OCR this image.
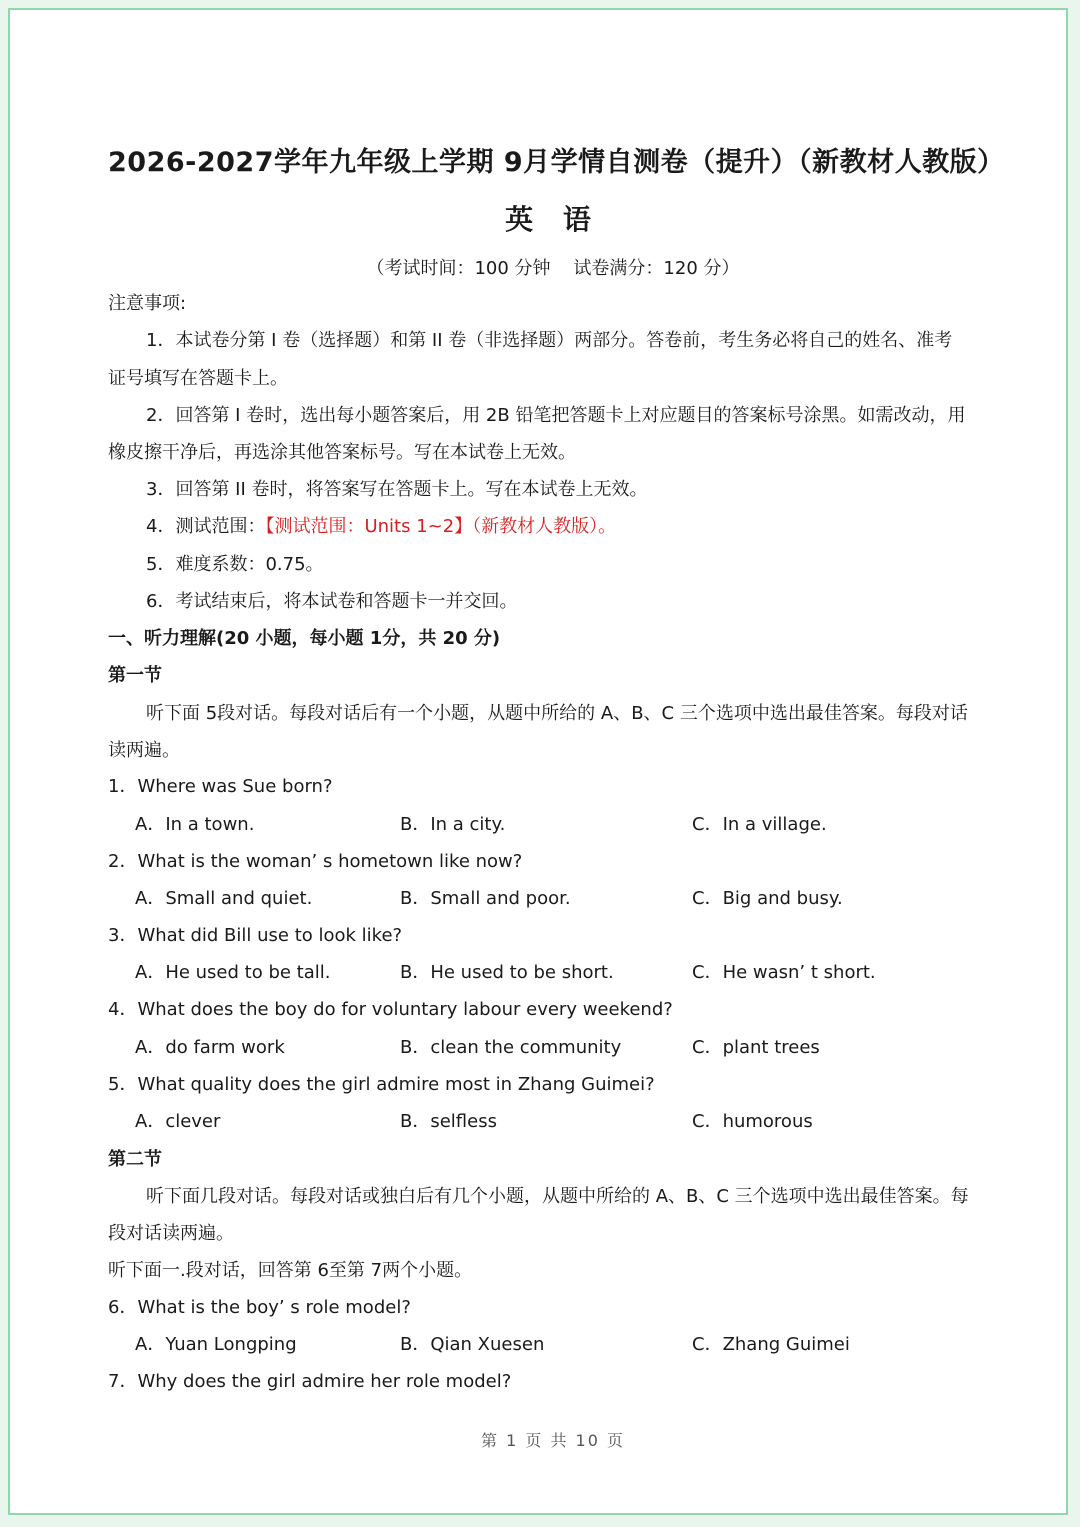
2026-2027学年九年级上学期 9月学情自测卷（提升）（新教材人教版）
英 语
（考试时间：100 分钟    试卷满分：120 分）
注意事项:
1．本试卷分第 I 卷（选择题）和第 II 卷（非选择题）两部分。答卷前，考生务必将自己的姓名、准考
证号填写在答题卡上。
2．回答第 I 卷时，选出每小题答案后，用 2B 铅笔把答题卡上对应题目的答案标号涂黑。如需改动，用
橡皮擦干净后，再选涂其他答案标号。写在本试卷上无效。
3．回答第 II 卷时，将答案写在答题卡上。写在本试卷上无效。
4．测试范围：【测试范围：Units 1~2】（新教材人教版）。
5．难度系数：0.75。
6．考试结束后，将本试卷和答题卡一并交回。
一、听力理解(20 小题，每小题 1分，共 20 分)
第一节
听下面 5段对话。每段对话后有一个小题，从题中所给的 A、B、C 三个选项中选出最佳答案。每段对话
读两遍。
1．Where was Sue born?
A．In a town.	B．In a city.	C．In a village.
2．What is the woman’ s hometown like now?
A．Small and quiet.	B．Small and poor.	C．Big and busy.
3．What did Bill use to look like?
A．He used to be tall.	B．He used to be short.	C．He wasn’ t short.
4．What does the boy do for voluntary labour every weekend?
A．do farm work	B．clean the community	C．plant trees
5．What quality does the girl admire most in Zhang Guimei?
A．clever	B．selfless	C．humorous
第二节
听下面几段对话。每段对话或独白后有几个小题，从题中所给的 A、B、C 三个选项中选出最佳答案。每
段对话读两遍。
听下面一.段对话，回答第 6至第 7两个小题。
6．What is the boy’ s role model?
A．Yuan Longping	B．Qian Xuesen	C．Zhang Guimei
7．Why does the girl admire her role model?
第 1 页 共 10 页
